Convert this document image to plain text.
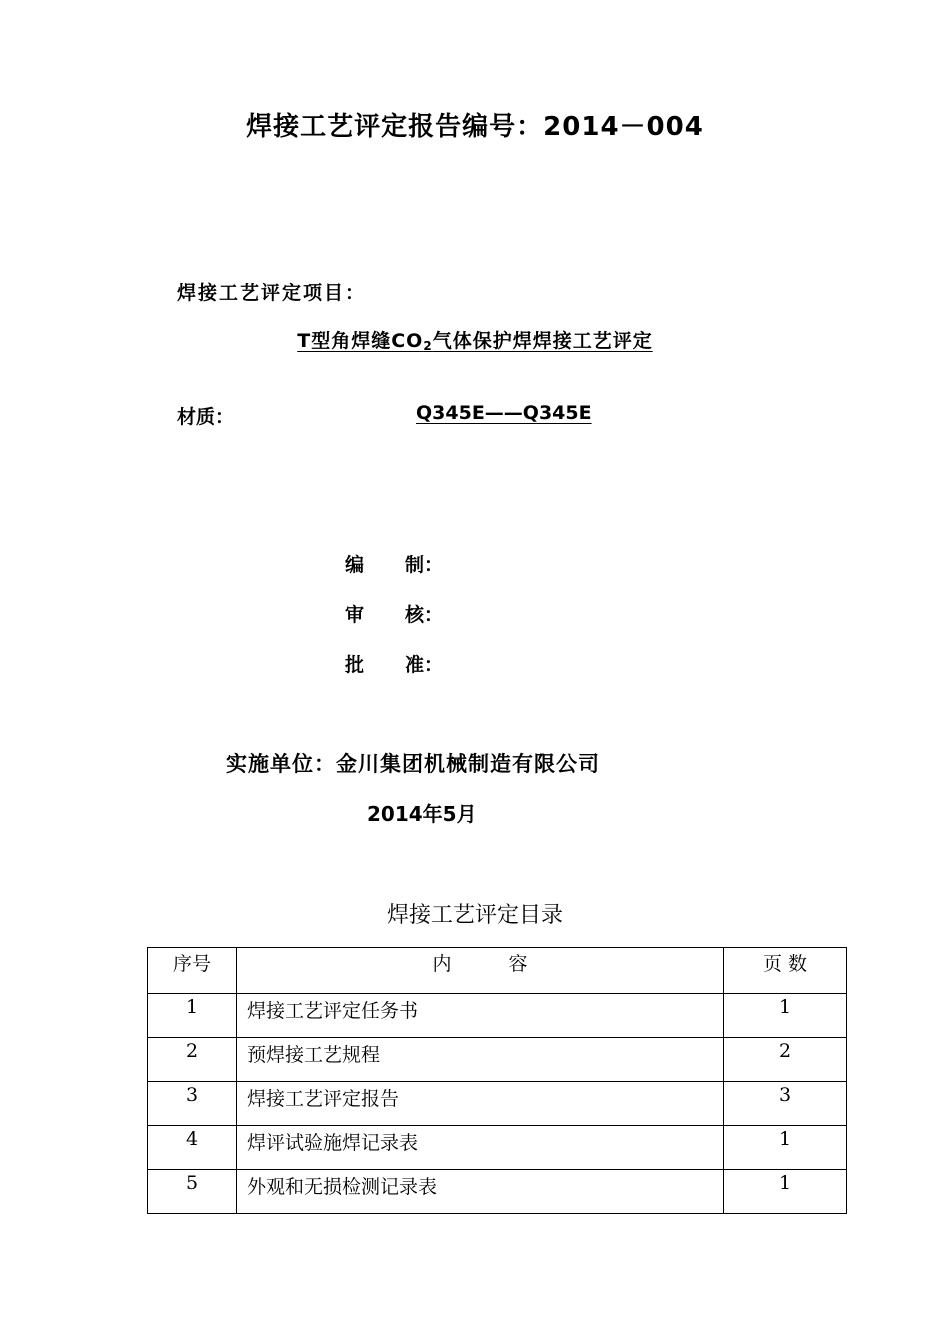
焊接工艺评定报告编号：2014－004
焊接工艺评定项目：
T型角焊缝$CO_2$气体保护焊焊接工艺评定
材质：	Q345E——Q345E
编 制：
审 核：
批 准：
实施单位：金川集团机械制造有限公司
2014年5月
焊接工艺评定目录
序号	内　　　容	页 数

1	焊接工艺评定任务书	1

2	预焊接工艺规程	2

3	焊接工艺评定报告	3

4	焊评试验施焊记录表	1

5	外观和无损检测记录表	1
